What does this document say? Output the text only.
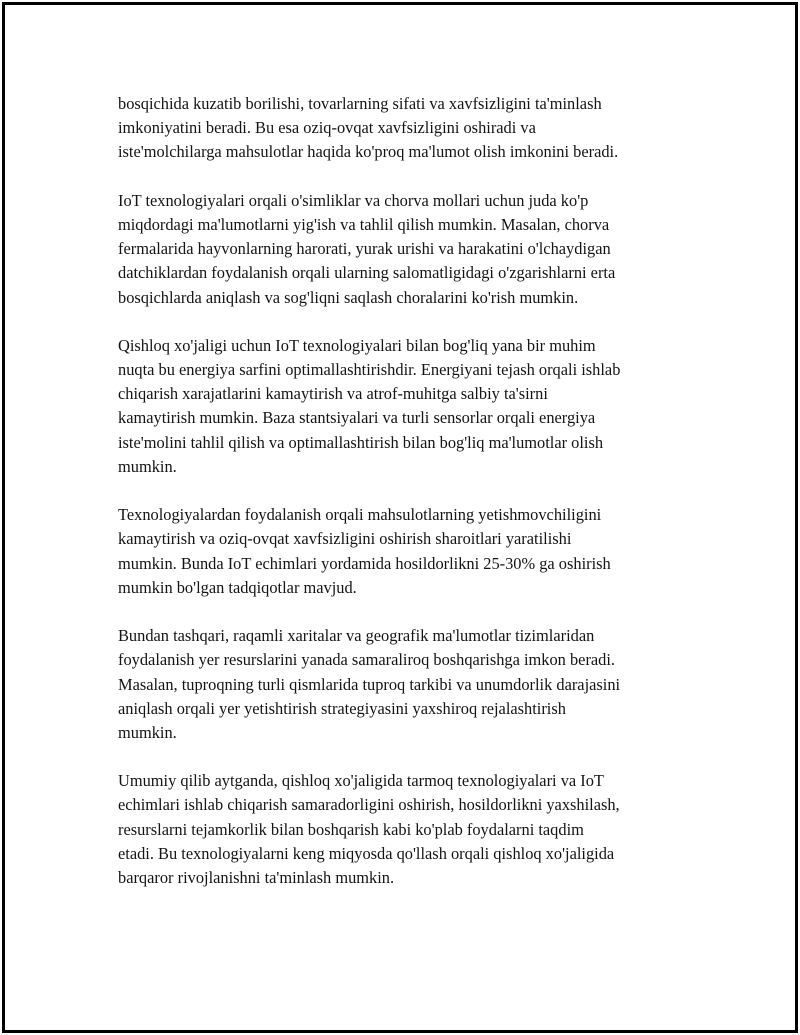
bosqichida kuzatib borilishi, tovarlarning sifati va xavfsizligini ta'minlash
imkoniyatini beradi. Bu esa oziq-ovqat xavfsizligini oshiradi va
iste'molchilarga mahsulotlar haqida ko'proq ma'lumot olish imkonini beradi.
IoT texnologiyalari orqali o'simliklar va chorva mollari uchun juda ko'p
miqdordagi ma'lumotlarni yig'ish va tahlil qilish mumkin. Masalan, chorva
fermalarida hayvonlarning harorati, yurak urishi va harakatini o'lchaydigan
datchiklardan foydalanish orqali ularning salomatligidagi o'zgarishlarni erta
bosqichlarda aniqlash va sog'liqni saqlash choralarini ko'rish mumkin.
Qishloq xo'jaligi uchun IoT texnologiyalari bilan bog'liq yana bir muhim
nuqta bu energiya sarfini optimallashtirishdir. Energiyani tejash orqali ishlab
chiqarish xarajatlarini kamaytirish va atrof-muhitga salbiy ta'sirni
kamaytirish mumkin. Baza stantsiyalari va turli sensorlar orqali energiya
iste'molini tahlil qilish va optimallashtirish bilan bog'liq ma'lumotlar olish
mumkin.
Texnologiyalardan foydalanish orqali mahsulotlarning yetishmovchiligini
kamaytirish va oziq-ovqat xavfsizligini oshirish sharoitlari yaratilishi
mumkin. Bunda IoT echimlari yordamida hosildorlikni 25-30% ga oshirish
mumkin bo'lgan tadqiqotlar mavjud.
Bundan tashqari, raqamli xaritalar va geografik ma'lumotlar tizimlaridan
foydalanish yer resurslarini yanada samaraliroq boshqarishga imkon beradi.
Masalan, tuproqning turli qismlarida tuproq tarkibi va unumdorlik darajasini
aniqlash orqali yer yetishtirish strategiyasini yaxshiroq rejalashtirish
mumkin.
Umumiy qilib aytganda, qishloq xo'jaligida tarmoq texnologiyalari va IoT
echimlari ishlab chiqarish samaradorligini oshirish, hosildorlikni yaxshilash,
resurslarni tejamkorlik bilan boshqarish kabi ko'plab foydalarni taqdim
etadi. Bu texnologiyalarni keng miqyosda qo'llash orqali qishloq xo'jaligida
barqaror rivojlanishni ta'minlash mumkin.
